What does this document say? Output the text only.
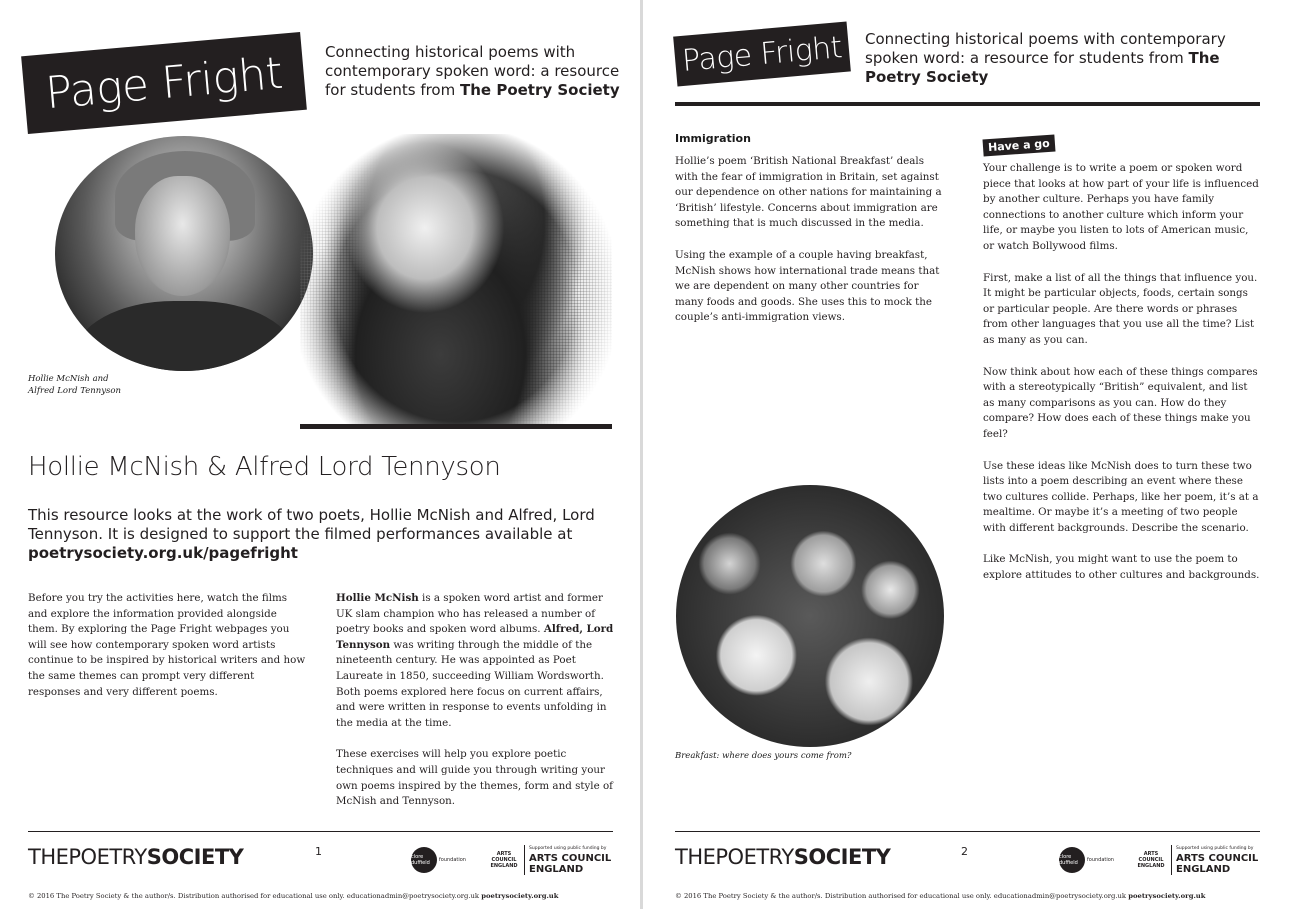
Page Fright	Connecting historical poems with contemporary spoken word: a resource for students from The Poetry Society
Hollie McNish and
Alfred Lord Tennyson
Hollie McNish & Alfred Lord Tennyson
This resource looks at the work of two poets, Hollie McNish and Alfred, Lord Tennyson. It is designed to support the filmed performances available at
poetrysociety.org.uk/pagefright

Before you try the activities here, watch the films and explore the information provided alongside them. By exploring the Page Fright webpages you will see how contemporary spoken word artists continue to be inspired by historical writers and how the same themes can prompt very different responses and very different poems.

Hollie McNish is a spoken word artist and former UK slam champion who has released a number of poetry books and spoken word albums. Alfred, Lord Tennyson was writing through the middle of the nineteenth century. He was appointed as Poet Laureate in 1850, succeeding William Wordsworth. Both poems explored here focus on current affairs, and were written in response to events unfolding in the media at the time.

These exercises will help you explore poetic techniques and will guide you through writing your own poems inspired by the themes, form and style of McNish and Tennyson.

THEPOETRYSOCIETY	1	clore duffield	foundation
ARTS COUNCIL ENGLAND
Supported using public funding by
ARTS COUNCIL
ENGLAND
© 2016 The Poetry Society & the author/s. Distribution authorised for educational use only. educationadmin@poetrysociety.org.uk poetrysociety.org.uk
Page Fright	Connecting historical poems with contemporary spoken word: a resource for students from The Poetry Society
Immigration

Hollie’s poem ‘British National Breakfast’ deals with the fear of immigration in Britain, set against our dependence on other nations for maintaining a ‘British’ lifestyle. Concerns about immigration are something that is much discussed in the media.

Using the example of a couple having breakfast, McNish shows how international trade means that we are dependent on many other countries for many foods and goods. She uses this to mock the couple’s anti-immigration views.

Have a go

Your challenge is to write a poem or spoken word piece that looks at how part of your life is influenced by another culture. Perhaps you have family connections to another culture which inform your life, or maybe you listen to lots of American music, or watch Bollywood films.

First, make a list of all the things that influence you. It might be particular objects, foods, certain songs or particular people. Are there words or phrases from other languages that you use all the time? List as many as you can.

Now think about how each of these things compares with a stereotypically “British” equivalent, and list as many comparisons as you can. How do they compare? How does each of these things make you feel?

Use these ideas like McNish does to turn these two lists into a poem describing an event where these two cultures collide. Perhaps, like her poem, it’s at a mealtime. Or maybe it’s a meeting of two people with different backgrounds. Describe the scenario.

Like McNish, you might want to use the poem to explore attitudes to other cultures and backgrounds.

Breakfast: where does yours come from?
THEPOETRYSOCIETY	2	clore duffield	foundation
ARTS COUNCIL ENGLAND
Supported using public funding by
ARTS COUNCIL
ENGLAND
© 2016 The Poetry Society & the author/s. Distribution authorised for educational use only. educationadmin@poetrysociety.org.uk poetrysociety.org.uk
